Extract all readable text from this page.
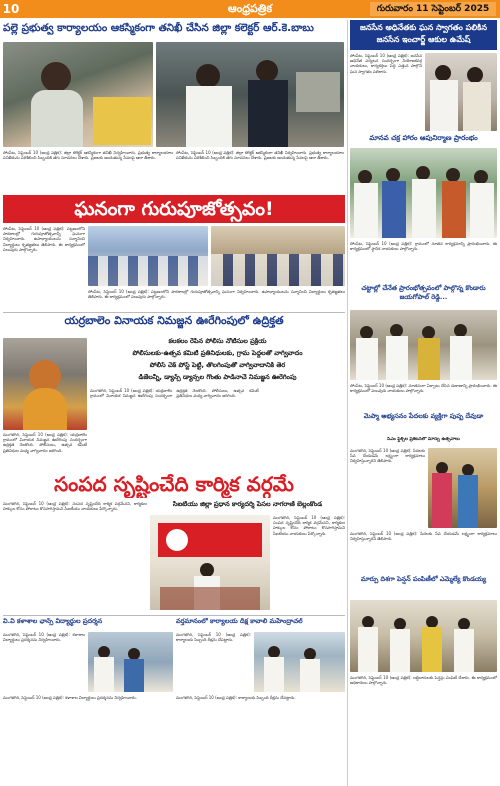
10	ఆంధ్రపత్రిక	గురువారం 11 సెప్టెంబర్ 2025
పల్లె ప్రభుత్వ కార్యాలయం ఆకస్మికంగా తనిఖీ చేసిన జిల్లా కలెక్టర్ ఆర్.కె.బాబు
సోంపేట, సెప్టెంబర్ 10 (ఆంధ్ర పత్రిక): జిల్లా కలెక్టర్ ఆకస్మికంగా తనిఖీ నిర్వహించారు. ప్రభుత్వ కార్యాలయాల పనితీరును పరిశీలించి సిబ్బందికి తగు సూచనలు చేశారు. ప్రజలకు అందుతున్న సేవలపై ఆరా తీశారు.
సోంపేట, సెప్టెంబర్ 10 (ఆంధ్ర పత్రిక): జిల్లా కలెక్టర్ ఆకస్మికంగా తనిఖీ నిర్వహించారు. ప్రభుత్వ కార్యాలయాల పనితీరును పరిశీలించి సిబ్బందికి తగు సూచనలు చేశారు. ప్రజలకు అందుతున్న సేవలపై ఆరా తీశారు.
జనసేన అధినేతకు ఘన స్వాగతం పలికిన జనసేన ఇంచార్జ్ ఆకుల ఉమేష్
సోంపేట, సెప్టెంబర్ 10 (ఆంధ్ర పత్రిక): జనసేన అధినేత పర్యటన సందర్భంగా నియోజకవర్గ నాయకులు, కార్యకర్తలు పెద్ద ఎత్తున పాల్గొని ఘన స్వాగతం పలికారు.
మానవ చక్ర హారం ఆపునిర్మాణ ప్రారంభం
సోంపేట, సెప్టెంబర్ 10 (ఆంధ్ర పత్రిక): గ్రామంలో నూతన కార్యక్రమాన్ని ప్రారంభించారు. ఈ కార్యక్రమంలో స్థానిక నాయకులు పాల్గొన్నారు.
ఘనంగా గురుపూజోత్సవం!
సోంపేట, సెప్టెంబర్ 10 (ఆంధ్ర పత్రిక): పట్టణంలోని పాఠశాలల్లో గురుపూజోత్సవాన్ని ఘనంగా నిర్వహించారు. ఉపాధ్యాయులను సన్మానించి విద్యార్థులు కృతజ్ఞతలు తెలిపారు. ఈ కార్యక్రమంలో పలువురు పాల్గొన్నారు.
సోంపేట, సెప్టెంబర్ 10 (ఆంధ్ర పత్రిక): పట్టణంలోని పాఠశాలల్లో గురుపూజోత్సవాన్ని ఘనంగా నిర్వహించారు. ఉపాధ్యాయులను సన్మానించి విద్యార్థులు కృతజ్ఞతలు తెలిపారు. ఈ కార్యక్రమంలో పలువురు పాల్గొన్నారు.
చట్టాల్లో చేనేత ప్రారంభోత్సవంలో పాల్గొన్న కొండారు జయగోపాల్ రెడ్డి...
సోంపేట, సెప్టెంబర్ 10 (ఆంధ్ర పత్రిక): నూతనంగా ఏర్పాటు చేసిన దుకాణాన్ని ప్రారంభించారు. ఈ కార్యక్రమంలో పలువురు నాయకులు పాల్గొన్నారు.
యర్రబాలెం వినాయక నిమజ్జన ఊరేగింపులో ఉద్రిక్తత
కలకలం రేపిన పోలీసు నోటీసుల ప్రక్రియ
పోలీసులకు-ఉత్సవ కమిటీ ప్రతినిధులకు, గ్రామ పెద్దలతో వాగ్వివాదం
పోలీస్ చెక్ పోస్ట్ పెట్టి, తొలగింపుతో వాగ్వివాదానికి తెర
డీజేలన్నీ, డ్యాన్స్ డ్యాన్సల గొంతు పాడినాచే నిమజ్జన ఊరేగింపు
మంగళగిరి, సెప్టెంబర్ 10 (ఆంధ్ర పత్రిక): యర్రబాలెం గ్రామంలో వినాయక నిమజ్జన ఊరేగింపు సందర్భంగా ఉద్రిక్తత నెలకొంది. పోలీసులు, ఉత్సవ కమిటీ ప్రతినిధుల మధ్య వాగ్వివాదం జరిగింది.
మంగళగిరి, సెప్టెంబర్ 10 (ఆంధ్ర పత్రిక): యర్రబాలెం గ్రామంలో వినాయక నిమజ్జన ఊరేగింపు సందర్భంగా ఉద్రిక్తత నెలకొంది. పోలీసులు, ఉత్సవ కమిటీ ప్రతినిధుల మధ్య వాగ్వివాదం జరిగింది.
మెప్మా అభ్యసనం పేదలకు వ్యక్తిగా పుష్ప దేవుడా
సీఎం ఫ్లెక్సీల ప్రకటనలో మార్పు ఉత్సవాలు
మంగళగిరి, సెప్టెంబర్ 10 (ఆంధ్ర పత్రిక): పేదలకు సేవ చేయడమే లక్ష్యంగా కార్యక్రమాలు నిర్వహిస్తున్నారని తెలిపారు.
మంగళగిరి, సెప్టెంబర్ 10 (ఆంధ్ర పత్రిక): పేదలకు సేవ చేయడమే లక్ష్యంగా కార్యక్రమాలు నిర్వహిస్తున్నారని తెలిపారు.
సంపద సృష్టించేది కార్మిక వర్గమే
సీఐటీయు జిల్లా ప్రధాన కార్యదర్శి పేసల నాగరాణి బెల్లంకొండ
మంగళగిరి, సెప్టెంబర్ 10 (ఆంధ్ర పత్రిక): సంపద సృష్టించేది కార్మిక వర్గమేనని, కార్మికుల హక్కుల కోసం పోరాటం కొనసాగిస్తామని సీఐటీయు నాయకులు పేర్కొన్నారు.
మంగళగిరి, సెప్టెంబర్ 10 (ఆంధ్ర పత్రిక): సంపద సృష్టించేది కార్మిక వర్గమేనని, కార్మికుల హక్కుల కోసం పోరాటం కొనసాగిస్తామని సీఐటీయు నాయకులు పేర్కొన్నారు.
మార్పు దిశగా పెన్షన్ పంపిణీలో ఎమ్మెల్యే కొండయ్య
మంగళగిరి, సెప్టెంబర్ 10 (ఆంధ్ర పత్రిక): లబ్ధిదారులకు పెన్షన్లు పంపిణీ చేశారు. ఈ కార్యక్రమంలో అధికారులు పాల్గొన్నారు.
వి.వి కళాశాల ఛాన్స్ విద్యార్థుల ప్రదర్శన
మంగళగిరి, సెప్టెంబర్ 10 (ఆంధ్ర పత్రిక): కళాశాల విద్యార్థులు ప్రదర్శనను నిర్వహించారు.
మంగళగిరి, సెప్టెంబర్ 10 (ఆంధ్ర పత్రిక): కళాశాల విద్యార్థులు ప్రదర్శనను నిర్వహించారు.
వర్తమానంలో కార్యాలయ దీక్ష కావాలి మహేంద్రాచల్
మంగళగిరి, సెప్టెంబర్ 10 (ఆంధ్ర పత్రిక): కార్యాలయ సిబ్బంది దీక్షను చేపట్టారు.
మంగళగిరి, సెప్టెంబర్ 10 (ఆంధ్ర పత్రిక): కార్యాలయ సిబ్బంది దీక్షను చేపట్టారు.
